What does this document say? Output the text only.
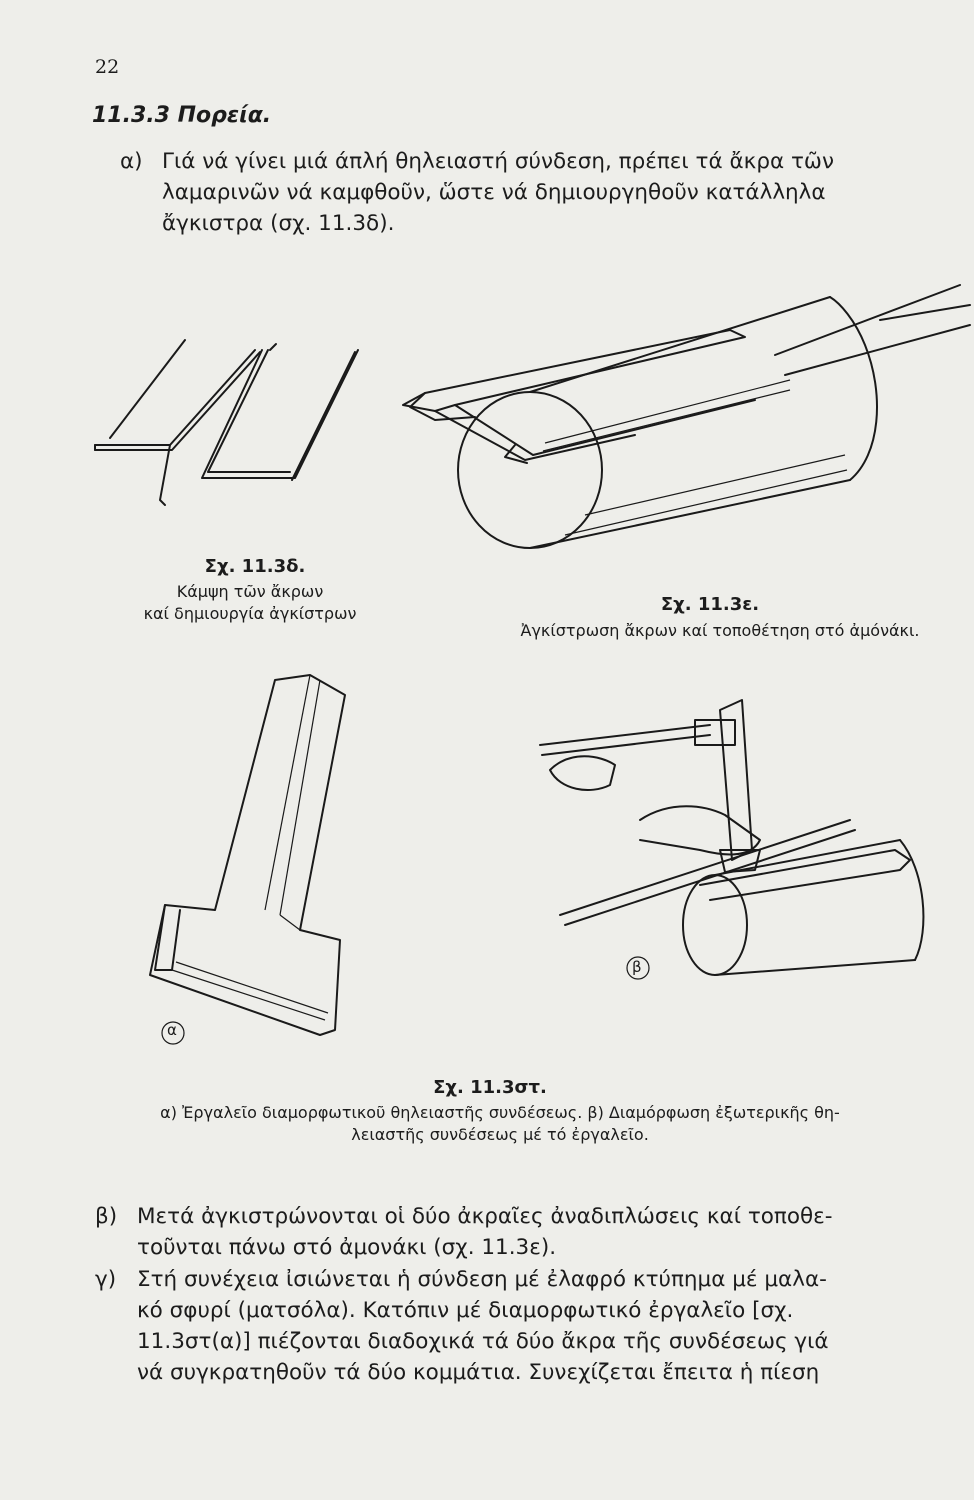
22
11.3.3 Πορεία.
α) Γιά νά γίνει μιά άπλή θηλειαστή σύνδεση, πρέπει τά ἄκρα τῶν
λαμαρινῶν νά καμφθοῦν, ὥστε νά δημιουργηθοῦν κατάλληλα
ἄγκιστρα (σχ. 11.3δ).
Σχ. 11.3δ.
Κάμψη τῶν ἄκρων
καί δημιουργία ἀγκίστρων	Σχ. 11.3ε.
Ἀγκίστρωση ἄκρων καί τοποθέτηση στό ἀμόνάκι.
α
β
Σχ. 11.3στ.
α) Ἐργαλεῖο διαμορφωτικοῦ θηλειαστῆς συνδέσεως. β) Διαμόρφωση ἐξωτερικῆς θη-
λειαστῆς συνδέσεως μέ τό ἐργαλεῖο.
β) Μετά ἀγκιστρώνονται οἱ δύο ἀκραῖες ἀναδιπλώσεις καί τοποθε-
τοῦνται πάνω στό ἀμονάκι (σχ. 11.3ε).
γ) Στή συνέχεια ἰσιώνεται ἡ σύνδεση μέ ἐλαφρό κτύπημα μέ μαλα-
κό σφυρί (ματσόλα). Κατόπιν μέ διαμορφωτικό ἐργαλεῖο [σχ.
11.3στ(α)] πιέζονται διαδοχικά τά δύο ἄκρα τῆς συνδέσεως γιά
νά συγκρατηθοῦν τά δύο κομμάτια. Συνεχίζεται ἔπειτα ἡ πίεση
